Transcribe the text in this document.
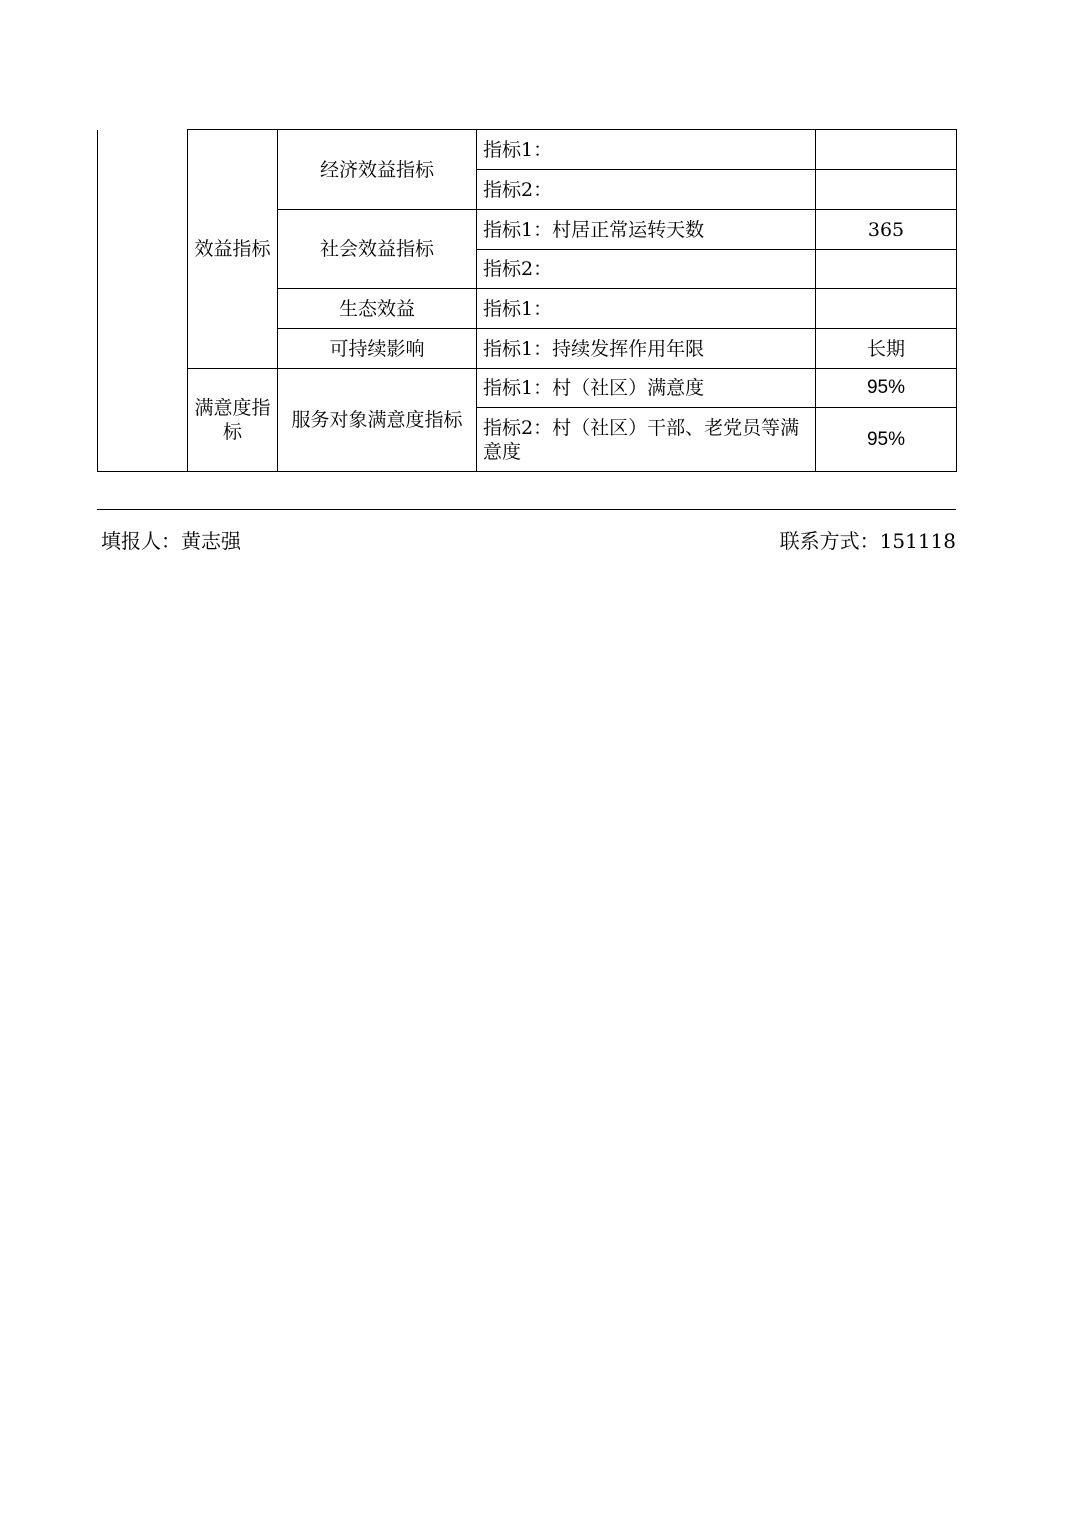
	效益指标	经济效益指标	指标1：	
			指标2：	
		社会效益指标	指标1：村居正常运转天数	365
			指标2：	
		生态效益	指标1：	
		可持续影响	指标1：持续发挥作用年限	长期
	满意度指标	服务对象满意度指标	指标1：村（社区）满意度	95%
			指标2：村（社区）干部、老党员等满意度	95%
填报人：黄志强	联系方式：151118
